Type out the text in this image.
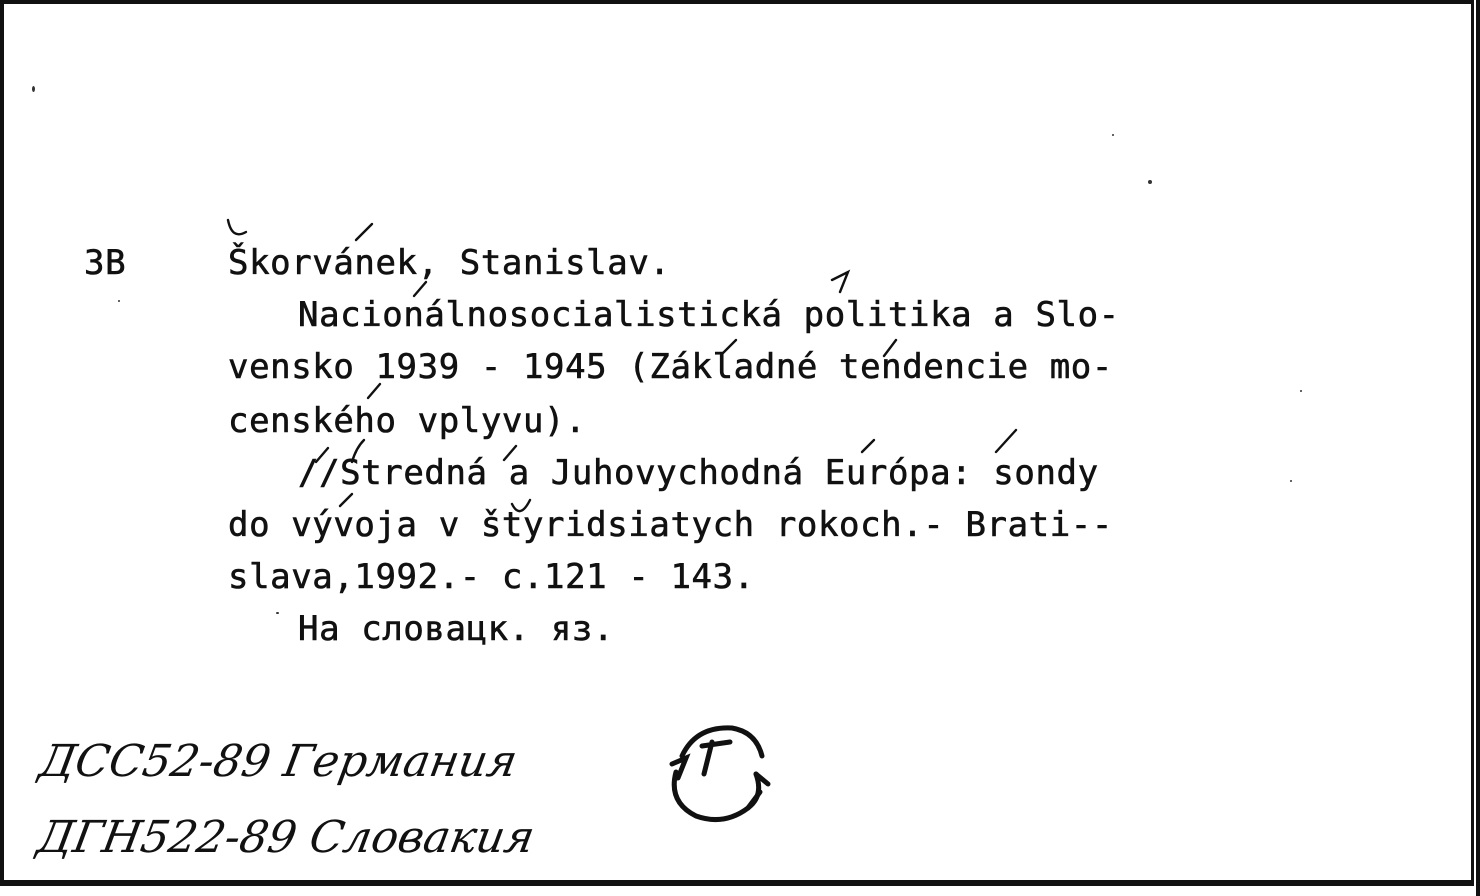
3B	Škorvánek, Stanislav.
Nacionálnosocialistická politika a Slo-
vensko 1939 - 1945 (Základné tendencie mo-
cenského vplyvu).
//Stredná a Juhovychodná Európa: sondy
do vývoja v štyridsiatych rokoch.- Brati--
slava,1992.- c.121 - 143.
На словацк. яз.
ДСС52-89 Германия
ДГН522-89 Словакия
